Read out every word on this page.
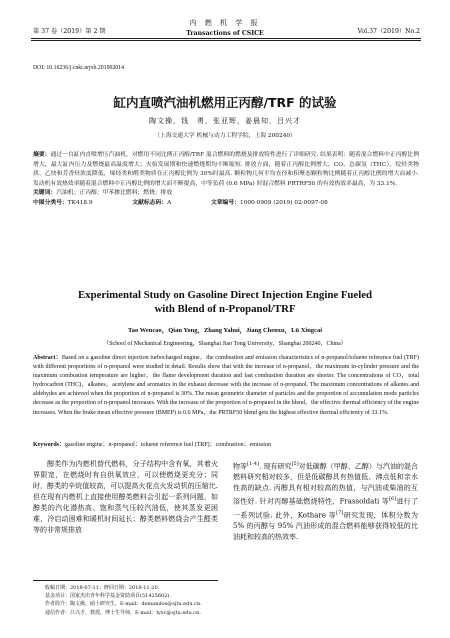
第 37 卷（2019）第 2 期
内 燃 机 学 报
Transactions of CSICE	Vol.37（2019）No.2
DOI: 10.16236/j.cnki.nrjxb.201902014
缸内直喷汽油机燃用正丙醇/TRF 的试验
陶文操，钱　勇，张亚辉，姜晨知，吕兴才
（上海交通大学 机械与动力工程学院，上海 200240）
摘要：通过一台缸内直喷增压汽油机，对燃用不同比例正丙醇/TRF 混合燃料的燃烧及排放特性进行了详细研究. 结果表明：随着混合燃料中正丙醇比例增大，最大缸内压力及燃烧最高温度增大；火焰发展期和快速燃烧期均不断缩短. 排放方面，随着正丙醇比例增大，CO、总碳氢（THC）、烷烃类物质、乙炔和芳香烃浓度降低，烯烃类和醛类物质在正丙醇比例为 30%时最高. 颗粒物几何平均直径和积聚态颗粒物比例随着正丙醇比例的增大而减小. 发动机有效热效率随着混合燃料中正丙醇比例的增大而不断提高，中等负荷 (0.6 MPa) 时混合燃料 PRTRF50 的有效热效率最高，为 33.1%.
关键词：汽油机；正丙醇；甲苯掺比燃料；燃烧；排放
中图分类号：TK418.9	文献标志码：A	文章编号：1000-0909 (2019) 02-0097-08
Experimental Study on Gasoline Direct Injection Engine Fueled
with Blend of n-Propanol/TRF
Tao Wencao，Qian Yong，Zhang Yahui，Jiang Chenxu，Lü Xingcai
（School of Mechanical Engineering，Shanghai Jiao Tong University，Shanghai 200240，China）
Abstract：Based on a gasoline direct injection turbocharged engine，the combustion and emission characteristics of n-propanol/toluene reference fuel (TRF) with different proportions of n-propanol were studied in detail. Results show that with the increase of n-propanol，the maximum in-cylinder pressure and the maximum combustion temperature are higher，the flame development duration and fast combustion duration are shorter. The concentrations of CO，total hydrocarbon (THC)，alkanes，acetylene and aromatics in the exhaust decrease with the increase of n-propanol. The maximum concentrations of alkenes and aldehydes are achieved when the proportion of n-propanol is 30%. The mean geometric diameter of particles and the proportion of accumulation mode particles decrease as the proportion of n-propanol increases. With the increase of the proportion of n-propanol in the blend，the effective thermal efficiency of the engine increases. When the brake mean effective pressure (BMEP) is 0.6 MPa，the PRTRF50 blend gets the highest effective thermal efficiency of 33.1%.
Keywords：gasoline engine；n-propanol；toluene reference fuel (TRF)；combustion；emission
醇类作为内燃机替代燃料，分子结构中含有氧，其着火界限宽，在燃烧时有自供氧效应，可以使燃烧更充分；同时，醇类的辛烷值较高，可以提高火花点火发动机的压缩比. 但在现有内燃机上直接使用醇类燃料会引起一系列问题，如醇类的汽化潜热高、饱和蒸气压较汽油低，使其蒸发更困难，冷启动困难和暖机时间延长；醇类燃料燃烧会产生醛类等的非常规排放
物等[1-4]. 现有研究[5]对低碳醇（甲醇、乙醇）与汽油的混合燃料研究相对较多，但是低碳醇具有热值低、沸点低和亲水性高的缺点. 丙醇具有相对较高的热值，与汽油或柴油的互溶性好. 针对丙醇基础燃烧特性，Frassoldati 等[6]进行了一系列试验. 此外，Kothare 等[7]研究发现，体积分数为 5% 的丙醇与 95% 汽油形成的混合燃料能够获得较低的比油耗和较高的热效率.
收稿日期：2018-07-11；修回日期：2018-11-20.
基金项目：国家杰出青年科学基金资助项目(51425602).
作者简介：陶文操，硕士研究生，E-mail：demandos@sjtu.edu.cn.
通信作者：吕兴才，教授，博士生导师，E-mail：lyxc@sjtu.edu.cn.
